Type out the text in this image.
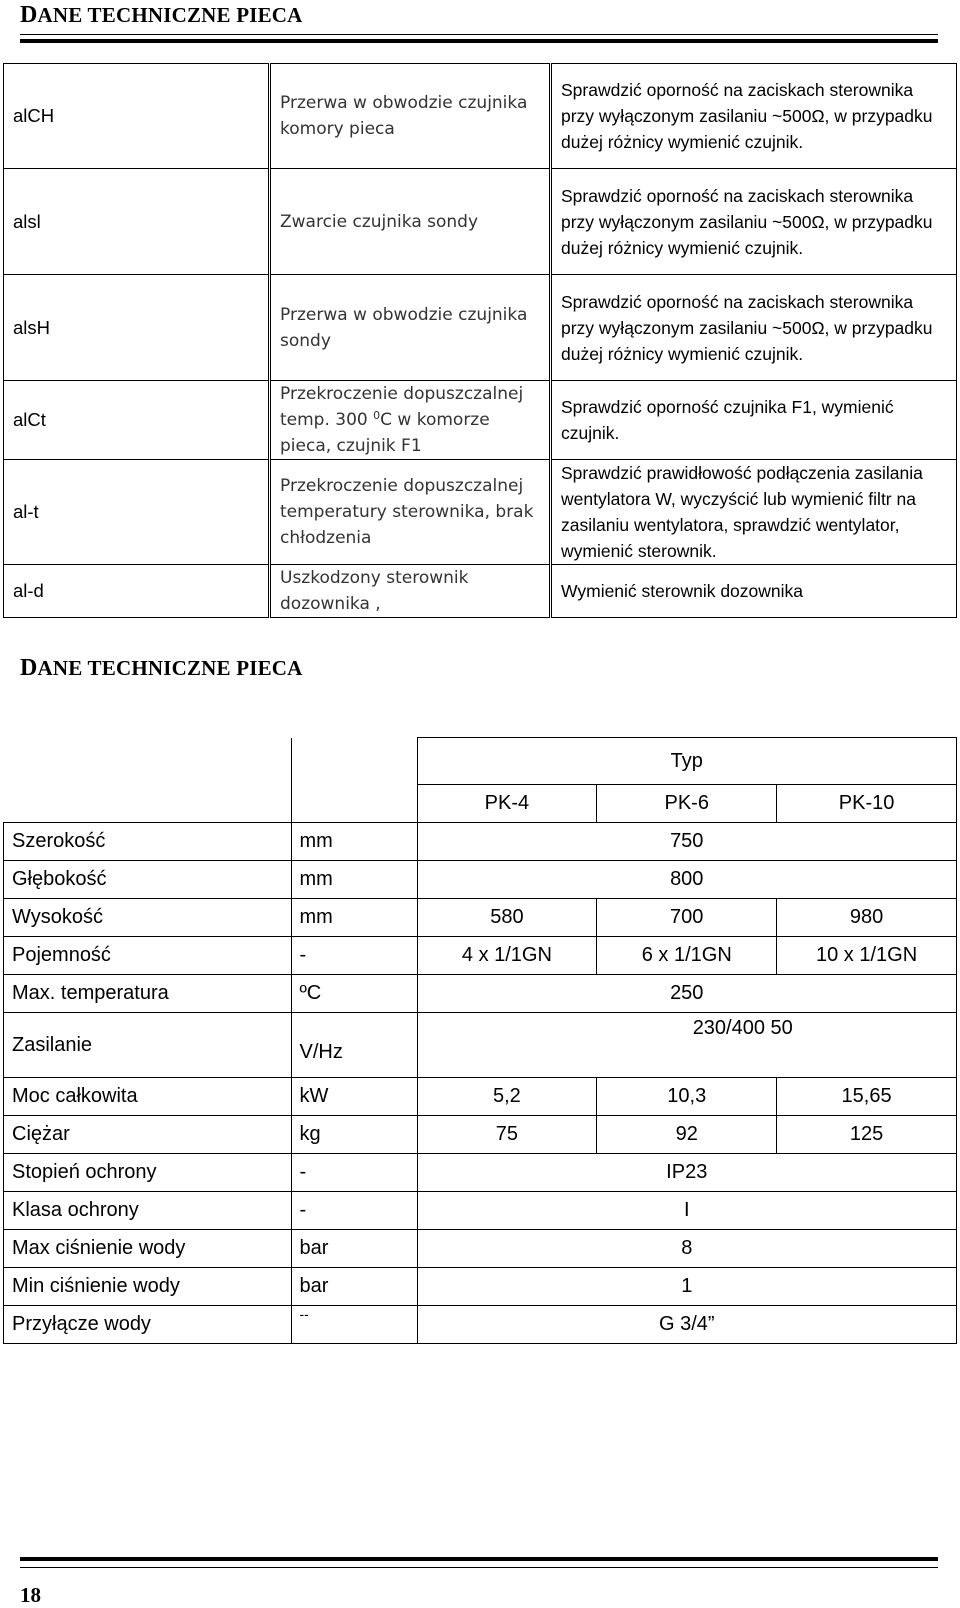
DANE TECHNICZNE PIECA
alCH	Przerwa w obwodzie czujnika komory pieca	Sprawdzić oporność na zaciskach sterownika przy wyłączonym zasilaniu ~500Ω, w przypadku dużej różnicy wymienić czujnik.
alsl	Zwarcie czujnika sondy	Sprawdzić oporność na zaciskach sterownika przy wyłączonym zasilaniu ~500Ω, w przypadku dużej różnicy wymienić czujnik.
alsH	Przerwa w obwodzie czujnika sondy	Sprawdzić oporność na zaciskach sterownika przy wyłączonym zasilaniu ~500Ω, w przypadku dużej różnicy wymienić czujnik.
alCt	Przekroczenie dopuszczalnej temp. 300 $^0$C w komorze pieca, czujnik F1	Sprawdzić oporność czujnika F1, wymienić czujnik.
al-t	Przekroczenie dopuszczalnej temperatury sterownika, brak chłodzenia	Sprawdzić prawidłowość podłączenia zasilania wentylatora W, wyczyścić lub wymienić filtr na zasilaniu wentylatora, sprawdzić wentylator, wymienić sterownik.
al-d	Uszkodzony sterownik dozownika ,	Wymienić sterownik dozownika
DANE TECHNICZNE PIECA
		Typ		
		PK-4	PK-6	PK-10
Szerokość	mm	750		
Głębokość	mm	800		
Wysokość	mm	580	700	980
Pojemność	-	4 x 1/1GN	6 x 1/1GN	10 x 1/1GN
Max. temperatura	ºC	250		
Zasilanie	V/Hz	230/400 50		
Moc całkowita	kW	5,2	10,3	15,65
Ciężar	kg	75	92	125
Stopień ochrony	-	IP23		
Klasa ochrony	-	I		
Max ciśnienie wody	bar	8		
Min ciśnienie wody	bar	1		
Przyłącze wody	--	G 3/4”		
18
